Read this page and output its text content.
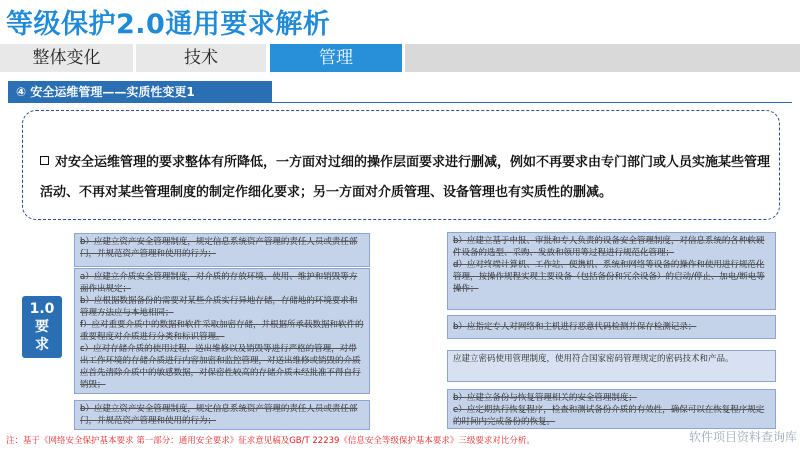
等级保护2.0通用要求解析
整体变化	技术	管理
④ 安全运维管理——实质性变更1
对安全运维管理的要求整体有所降低，一方面对过细的操作层面要求进行删减，例如不再要求由专门部门或人员实施某些管理活动、不再对某些管理制度的制定作细化要求；另一方面对介质管理、设备管理也有实质性的删减。
1.0
要
求

b）应建立资产安全管理制度，规定信息系统资产管理的责任人员或责任部门，并规范资产管理和使用的行为；

a）应建立介质安全管理制度，对介质的存放环境、使用、维护和销毁等方面作出规定；

b）应根据数据备份的需要对某些介质实行异地存储，存储地的环境要求和管理方法应与本地相同；

f）应对重要介质中的数据和软件采取加密存储，并根据所承载数据和软件的重要程度对介质进行分类和标识管理。

c）应对存储介质的使用过程、送出维修以及销毁等进行严格的管理，对带出工作环境的存储介质进行内容加密和监控管理，对送出维修或销毁的介质应首先清除介质中的敏感数据，对保密性较高的存储介质未经批准不得自行销毁；

b）应建立资产安全管理制度，规定信息系统资产管理的责任人员或责任部门，并规范资产管理和使用的行为；

b）应建立基于申报、审批和专人负责的设备安全管理制度，对信息系统的各种软硬件设备的选型、采购、发放和领用等过程进行规范化管理；

d）应对终端计算机、工作站、便携机、系统和网络等设备的操作和使用进行规范化管理，按操作规程实现主要设备（包括备份和冗余设备）的启动/停止、加电/断电等操作；

b）应指定专人对网络和主机进行恶意代码检测并保存检测记录；

应建立密码使用管理制度，使用符合国家密码管理规定的密码技术和产品。

b）应建立备份与恢复管理相关的安全管理制度；

e）应定期执行恢复程序，检查和测试备份介质的有效性，确保可以在恢复程序规定的时间内完成备份的恢复。

注：基于《网络安全保护基本要求 第一部分：通用安全要求》征求意见稿及GB/T 22239《信息安全等级保护基本要求》三级要求对比分析。	软件项目资料查询库
